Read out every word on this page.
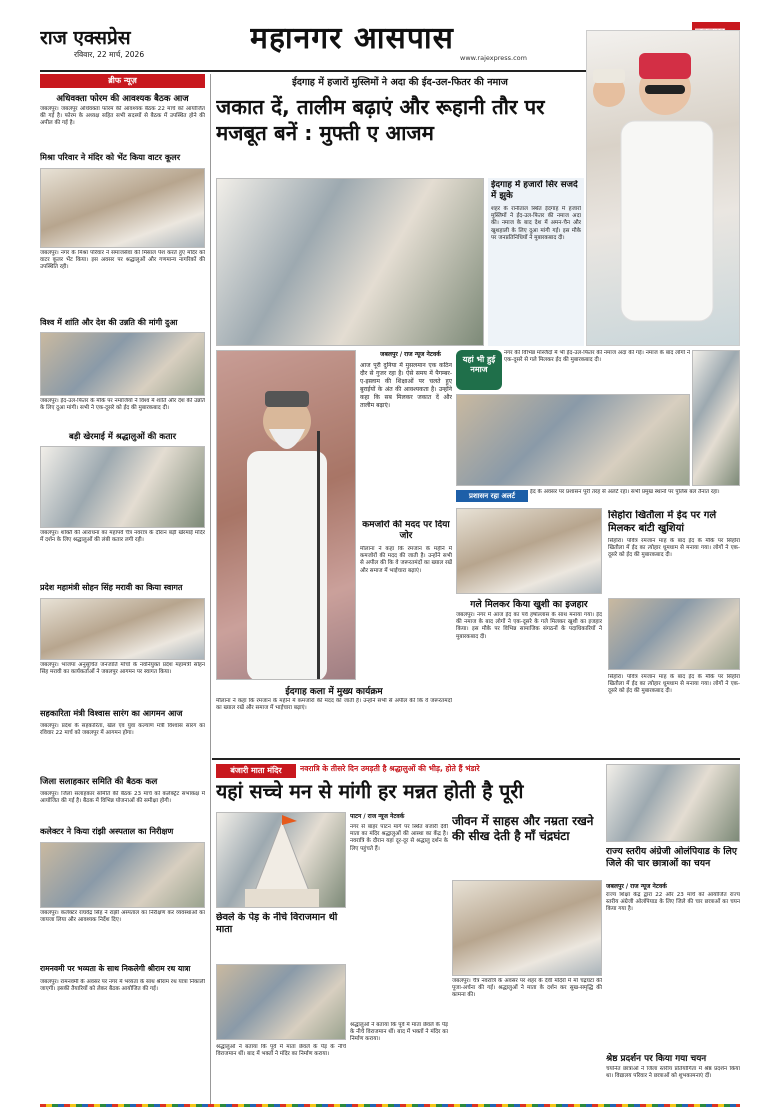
राज एक्सप्रेस
रविवार, 22 मार्च, 2026	महानगर आसपास
www.rajexpress.com
ब्रीफ न्यूज़
अधिवक्ता फोरम की आवश्यक बैठक आज
जबलपुर। जबलपुर अधिवक्ता फोरम की आवश्यक बैठक 22 मार्च को आयोजित की गई है। फोरम के अध्यक्ष सहित सभी सदस्यों से बैठक में उपस्थित होने की अपील की गई है।
मिश्रा परिवार ने मंदिर को भेंट किया वाटर कूलर
जबलपुर। नगर के मिश्रा परिवार ने समाजसेवा की मिसाल पेश करते हुए मंदिर को वाटर कूलर भेंट किया। इस अवसर पर श्रद्धालुओं और गणमान्य नागरिकों की उपस्थिति रही।
विश्व में शांति और देश की उन्नति की मांगी दुआ
जबलपुर। ईद-उल-फितर के मौके पर नमाजियों ने विश्व में शांति और देश की उन्नति के लिए दुआ मांगी। सभी ने एक-दूसरे को ईद की मुबारकबाद दी।
बड़ी खेरमाई में श्रद्धालुओं की कतार
जबलपुर। शक्ति की आराधना का महापर्व चैत्र नवरात्र के दौरान बड़ी खेरमाई मंदिर में दर्शन के लिए श्रद्धालुओं की लंबी कतार लगी रही।
प्रदेश महामंत्री सोहन सिंह मरावी का किया स्वागत
जबलपुर। भाजपा अनुसूचित जनजाति मोर्चा के नवनियुक्त प्रदेश महामंत्री सोहन सिंह मरावी का कार्यकर्ताओं ने जबलपुर आगमन पर स्वागत किया।
सहकारिता मंत्री विश्वास सारंग का आगमन आज
जबलपुर। प्रदेश के सहकारिता, खेल एवं युवा कल्याण मंत्री विश्वास सारंग का रविवार 22 मार्च को जबलपुर में आगमन होगा।
जिला सलाहकार समिति की बैठक कल
जबलपुर। जिला सलाहकार समिति की बैठक 23 मार्च को कलेक्ट्रेट सभाकक्ष में आयोजित की गई है। बैठक में विभिन्न योजनाओं की समीक्षा होगी।
कलेक्टर ने किया रांझी अस्पताल का निरीक्षण
जबलपुर। कलेक्टर राघवेंद्र सिंह ने रांझी अस्पताल का निरीक्षण कर व्यवस्थाओं का जायजा लिया और आवश्यक निर्देश दिए।
रामनवमी पर भव्यता के साथ निकलेगी श्रीराम रथ यात्रा
जबलपुर। रामनवमी के अवसर पर नगर में भव्यता के साथ श्रीराम रथ यात्रा निकाली जाएगी। इसकी तैयारियों को लेकर बैठक आयोजित की गई।
ईदगाह में हजारों मुस्लिमों ने अदा की ईद-उल-फितर की नमाज
जकात दें, तालीम बढ़ाएं और रूहानी तौर पर मजबूत बनें : मुफ्ती ए आजम
ईदगाह में हजारों सिर सजदे में झुके
शहर के रानीताल स्थित ईदगाह में हजारों मुस्लिमों ने ईद-उल-फितर की नमाज अदा की। नमाज के बाद देश में अमन-चैन और खुशहाली के लिए दुआ मांगी गई। इस मौके पर जनप्रतिनिधियों ने मुबारकबाद दी।
जबलपुर / राज न्यूज नेटवर्क
आज पूरी दुनिया में मुसलमान एक कठिन दौर से गुजर रहा है। ऐसे समय में पैगम्बर-ए-इस्लाम की शिक्षाओं पर चलते हुए बुराईयों के अंत की आवश्यकता है। उन्होंने कहा कि सब मिलकर जकात दें और तालीम बढ़ाएं।
कमजोरों की मदद पर दिया जोर
मौलाना ने कहा कि रमजान के महीने में कमजोरों की मदद की जाती है। उन्होंने सभी से अपील की कि वे जरूरतमंदों का ख्याल रखें और समाज में भाईचारा बढ़ाएं।
ईदगाह कला में मुख्य कार्यक्रम
मौलाना ने कहा कि रमजान के महीने में कमजोरों की मदद की जाती है। उन्होंने सभी से अपील की कि वे जरूरतमंदों का ख्याल रखें और समाज में भाईचारा बढ़ाएं।
यहां भी हुई नमाज
नगर की विभिन्न मस्जिदों में भी ईद-उल-फितर की नमाज अदा की गई। नमाज के बाद लोगों ने एक-दूसरे से गले मिलकर ईद की मुबारकबाद दी।
प्रशासन रहा अलर्ट	ईद के अवसर पर प्रशासन पूरी तरह से अलर्ट रहा। सभी प्रमुख स्थानों पर पुलिस बल तैनात रहा।
गले मिलकर किया खुशी का इजहार
जबलपुर। नगर में आज ईद का पर्व हर्षोल्लास के साथ मनाया गया। ईद की नमाज के बाद लोगों ने एक-दूसरे के गले मिलकर खुशी का इजहार किया। इस मौके पर विभिन्न सामाजिक संगठनों के पदाधिकारियों ने मुबारकबाद दी।
सिहोरा खितौला में ईद पर गले मिलकर बांटी खुशियां
सिहोरा। पवित्र रमजान माह के बाद ईद के मौके पर सिहोरा खितौला में ईद का त्योहार धूमधाम से मनाया गया। लोगों ने एक-दूसरे को ईद की मुबारकबाद दी।
सिहोरा। पवित्र रमजान माह के बाद ईद के मौके पर सिहोरा खितौला में ईद का त्योहार धूमधाम से मनाया गया। लोगों ने एक-दूसरे को ईद की मुबारकबाद दी।
बंजारी माता मंदिर	नवरात्रि के तीसरे दिन उमड़ती है श्रद्धालुओं की भीड़, होते हैं भंडारे
यहां सच्चे मन से मांगी हर मन्नत होती है पूरी
पाटन / राज न्यूज नेटवर्क
नगर से बाहर पाटन मार्ग पर स्थित बंजारी देवी माता का मंदिर श्रद्धालुओं की आस्था का केंद्र है। नवरात्रि के दौरान यहां दूर-दूर से श्रद्धालु दर्शन के लिए पहुंचते हैं।
श्रद्धालुओं ने बताया कि पूर्व में माता छेवले के पेड़ के नीचे विराजमान थीं। बाद में भक्तों ने मंदिर का निर्माण कराया।
छेवले के पेड़ के नीचे विराजमान थी माता
श्रद्धालुओं ने बताया कि पूर्व में माता छेवले के पेड़ के नीचे विराजमान थीं। बाद में भक्तों ने मंदिर का निर्माण कराया।
जीवन में साहस और नम्रता रखने की सीख देती है माँ चंद्रघंटा
जबलपुर। चैत्र नवरात्रि के अवसर पर शहर के देवी मंदिरों में माँ चंद्रघंटा की पूजा-अर्चना की गई। श्रद्धालुओं ने माता के दर्शन कर सुख-समृद्धि की कामना की।
राज्य स्तरीय अंग्रेजी ओलंपियाड के लिए जिले की चार छात्राओं का चयन
जबलपुर / राज न्यूज नेटवर्क
राज्य शिक्षा केंद्र द्वारा 22 और 23 मार्च को आयोजित राज्य स्तरीय अंग्रेजी ओलंपियाड के लिए जिले की चार छात्राओं का चयन किया गया है।
श्रेष्ठ प्रदर्शन पर किया गया चयन
चयनित छात्राओं ने जिला स्तरीय प्रतियोगिता में श्रेष्ठ प्रदर्शन किया था। विद्यालय परिवार ने छात्राओं को शुभकामनाएं दीं।
